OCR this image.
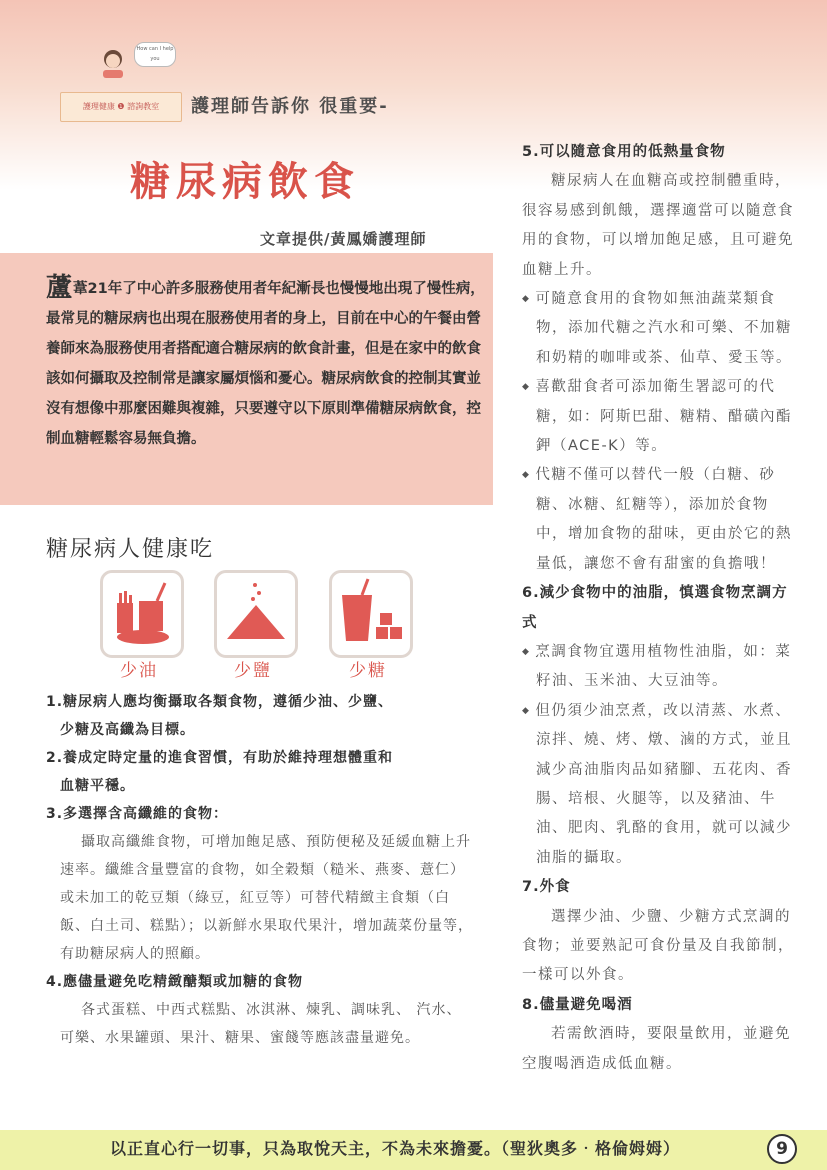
How can I help you
護理健康 ❶ 諮詢教室	護理師告訴你 很重要-
糖尿病飲食
文章提供/黃鳳嬌護理師
蘆葦21年了中心許多服務使用者年紀漸長也慢慢地出現了慢性病，最常見的糖尿病也出現在服務使用者的身上，目前在中心的午餐由營養師來為服務使用者搭配適合糖尿病的飲食計畫，但是在家中的飲食該如何攝取及控制常是讓家屬煩惱和憂心。糖尿病飲食的控制其實並沒有想像中那麼困難與複雜，只要遵守以下原則準備糖尿病飲食，控制血糖輕鬆容易無負擔。
糖尿病人健康吃
少油	少鹽	少糖

1.糖尿病人應均衡攝取各類食物，遵循少油、少鹽、

少糖及高纖為目標。

2.養成定時定量的進食習慣，有助於維持理想體重和

血糖平穩。

3.多選擇含高纖維的食物：

攝取高纖維食物，可增加飽足感、預防便秘及延緩血糖上升速率。纖維含量豐富的食物，如全穀類（糙米、燕麥、薏仁）或未加工的乾豆類（綠豆，紅豆等）可替代精緻主食類（白飯、白土司、糕點）；以新鮮水果取代果汁，增加蔬菜份量等，有助糖尿病人的照顧。

4.應儘量避免吃精緻醣類或加糖的食物

各式蛋糕、中西式糕點、冰淇淋、煉乳、調味乳、 汽水、可樂、水果罐頭、果汁、糖果、蜜餞等應該盡量避免。

5.可以隨意食用的低熱量食物

糖尿病人在血糖高或控制體重時，很容易感到飢餓，選擇適當可以隨意食用的食物，可以增加飽足感，且可避免血糖上升。

◆ 可隨意食用的食物如無油蔬菜類食物，添加代糖之汽水和可樂、不加糖和奶精的咖啡或茶、仙草、愛玉等。

◆ 喜歡甜食者可添加衛生署認可的代糖，如：阿斯巴甜、糖精、醋磺內酯鉀（ACE-K）等。

◆ 代糖不僅可以替代一般（白糖、砂糖、冰糖、紅糖等），添加於食物中，增加食物的甜味，更由於它的熱量低，讓您不會有甜蜜的負擔哦！

6.減少食物中的油脂，慎選食物烹調方式

◆ 烹調食物宜選用植物性油脂，如：菜籽油、玉米油、大豆油等。

◆ 但仍須少油烹煮，改以清蒸、水煮、涼拌、燒、烤、燉、滷的方式，並且減少高油脂肉品如豬腳、五花肉、香腸、培根、火腿等，以及豬油、牛油、肥肉、乳酪的食用，就可以減少油脂的攝取。

7.外食

選擇少油、少鹽、少糖方式烹調的食物；並要熟記可食份量及自我節制，一樣可以外食。

8.儘量避免喝酒

若需飲酒時，要限量飲用，並避免空腹喝酒造成低血糖。

以正直心行一切事，只為取悅天主，不為未來擔憂。（聖狄奧多‧格倫姆姆）	9
